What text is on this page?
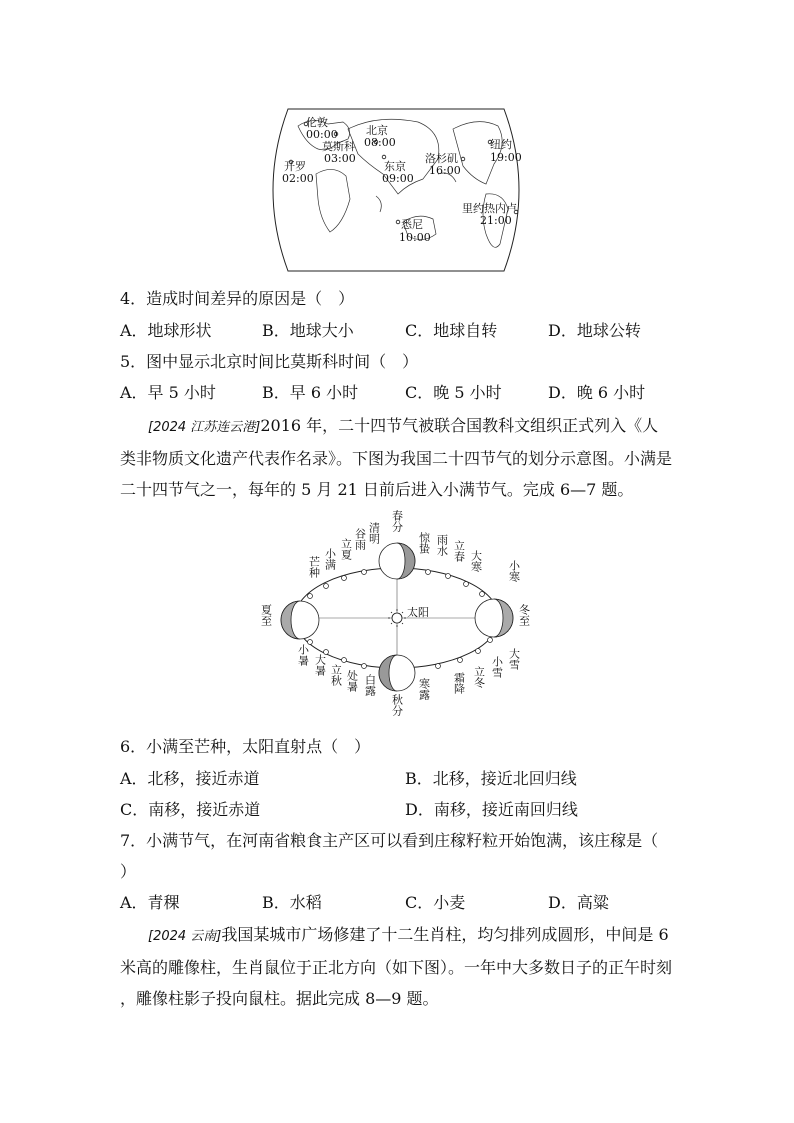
伦敦
00:00
莫斯科
03:00
北京
08:00
开罗
02:00
东京
09:00
洛杉矶
16:00
纽约
19:00
里约热内卢
21:00
悉尼
10:00
4．造成时间差异的原因是（　）
A．地球形状	B．地球大小	C．地球自转	D．地球公转
5．图中显示北京时间比莫斯科时间（　）
A．早 5 小时	B．早 6 小时	C．晚 5 小时	D．晚 6 小时
[2024 江苏连云港]2016 年，二十四节气被联合国教科文组织正式列入《人
类非物质文化遗产代表作名录》。下图为我国二十四节气的划分示意图。小满是
二十四节气之一，每年的 5 月 21 日前后进入小满节气。完成 6—7 题。
太阳
春分
惊蛰 雨水 立春 大寒 小寒
冬至
大雪
小雪
立冬
霜降
寒露
秋分
白露
处暑
立秋
大暑
小暑
夏至
芒种 小满 立夏 谷雨 清明
6．小满至芒种，太阳直射点（　）
A．北移，接近赤道	B．北移，接近北回归线
C．南移，接近赤道	D．南移，接近南回归线
7．小满节气，在河南省粮食主产区可以看到庄稼籽粒开始饱满，该庄稼是（
）
A．青稞	B．水稻	C．小麦	D．高粱
[2024 云南]我国某城市广场修建了十二生肖柱，均匀排列成圆形，中间是 6
米高的雕像柱，生肖鼠位于正北方向（如下图）。一年中大多数日子的正午时刻
，雕像柱影子投向鼠柱。据此完成 8—9 题。
